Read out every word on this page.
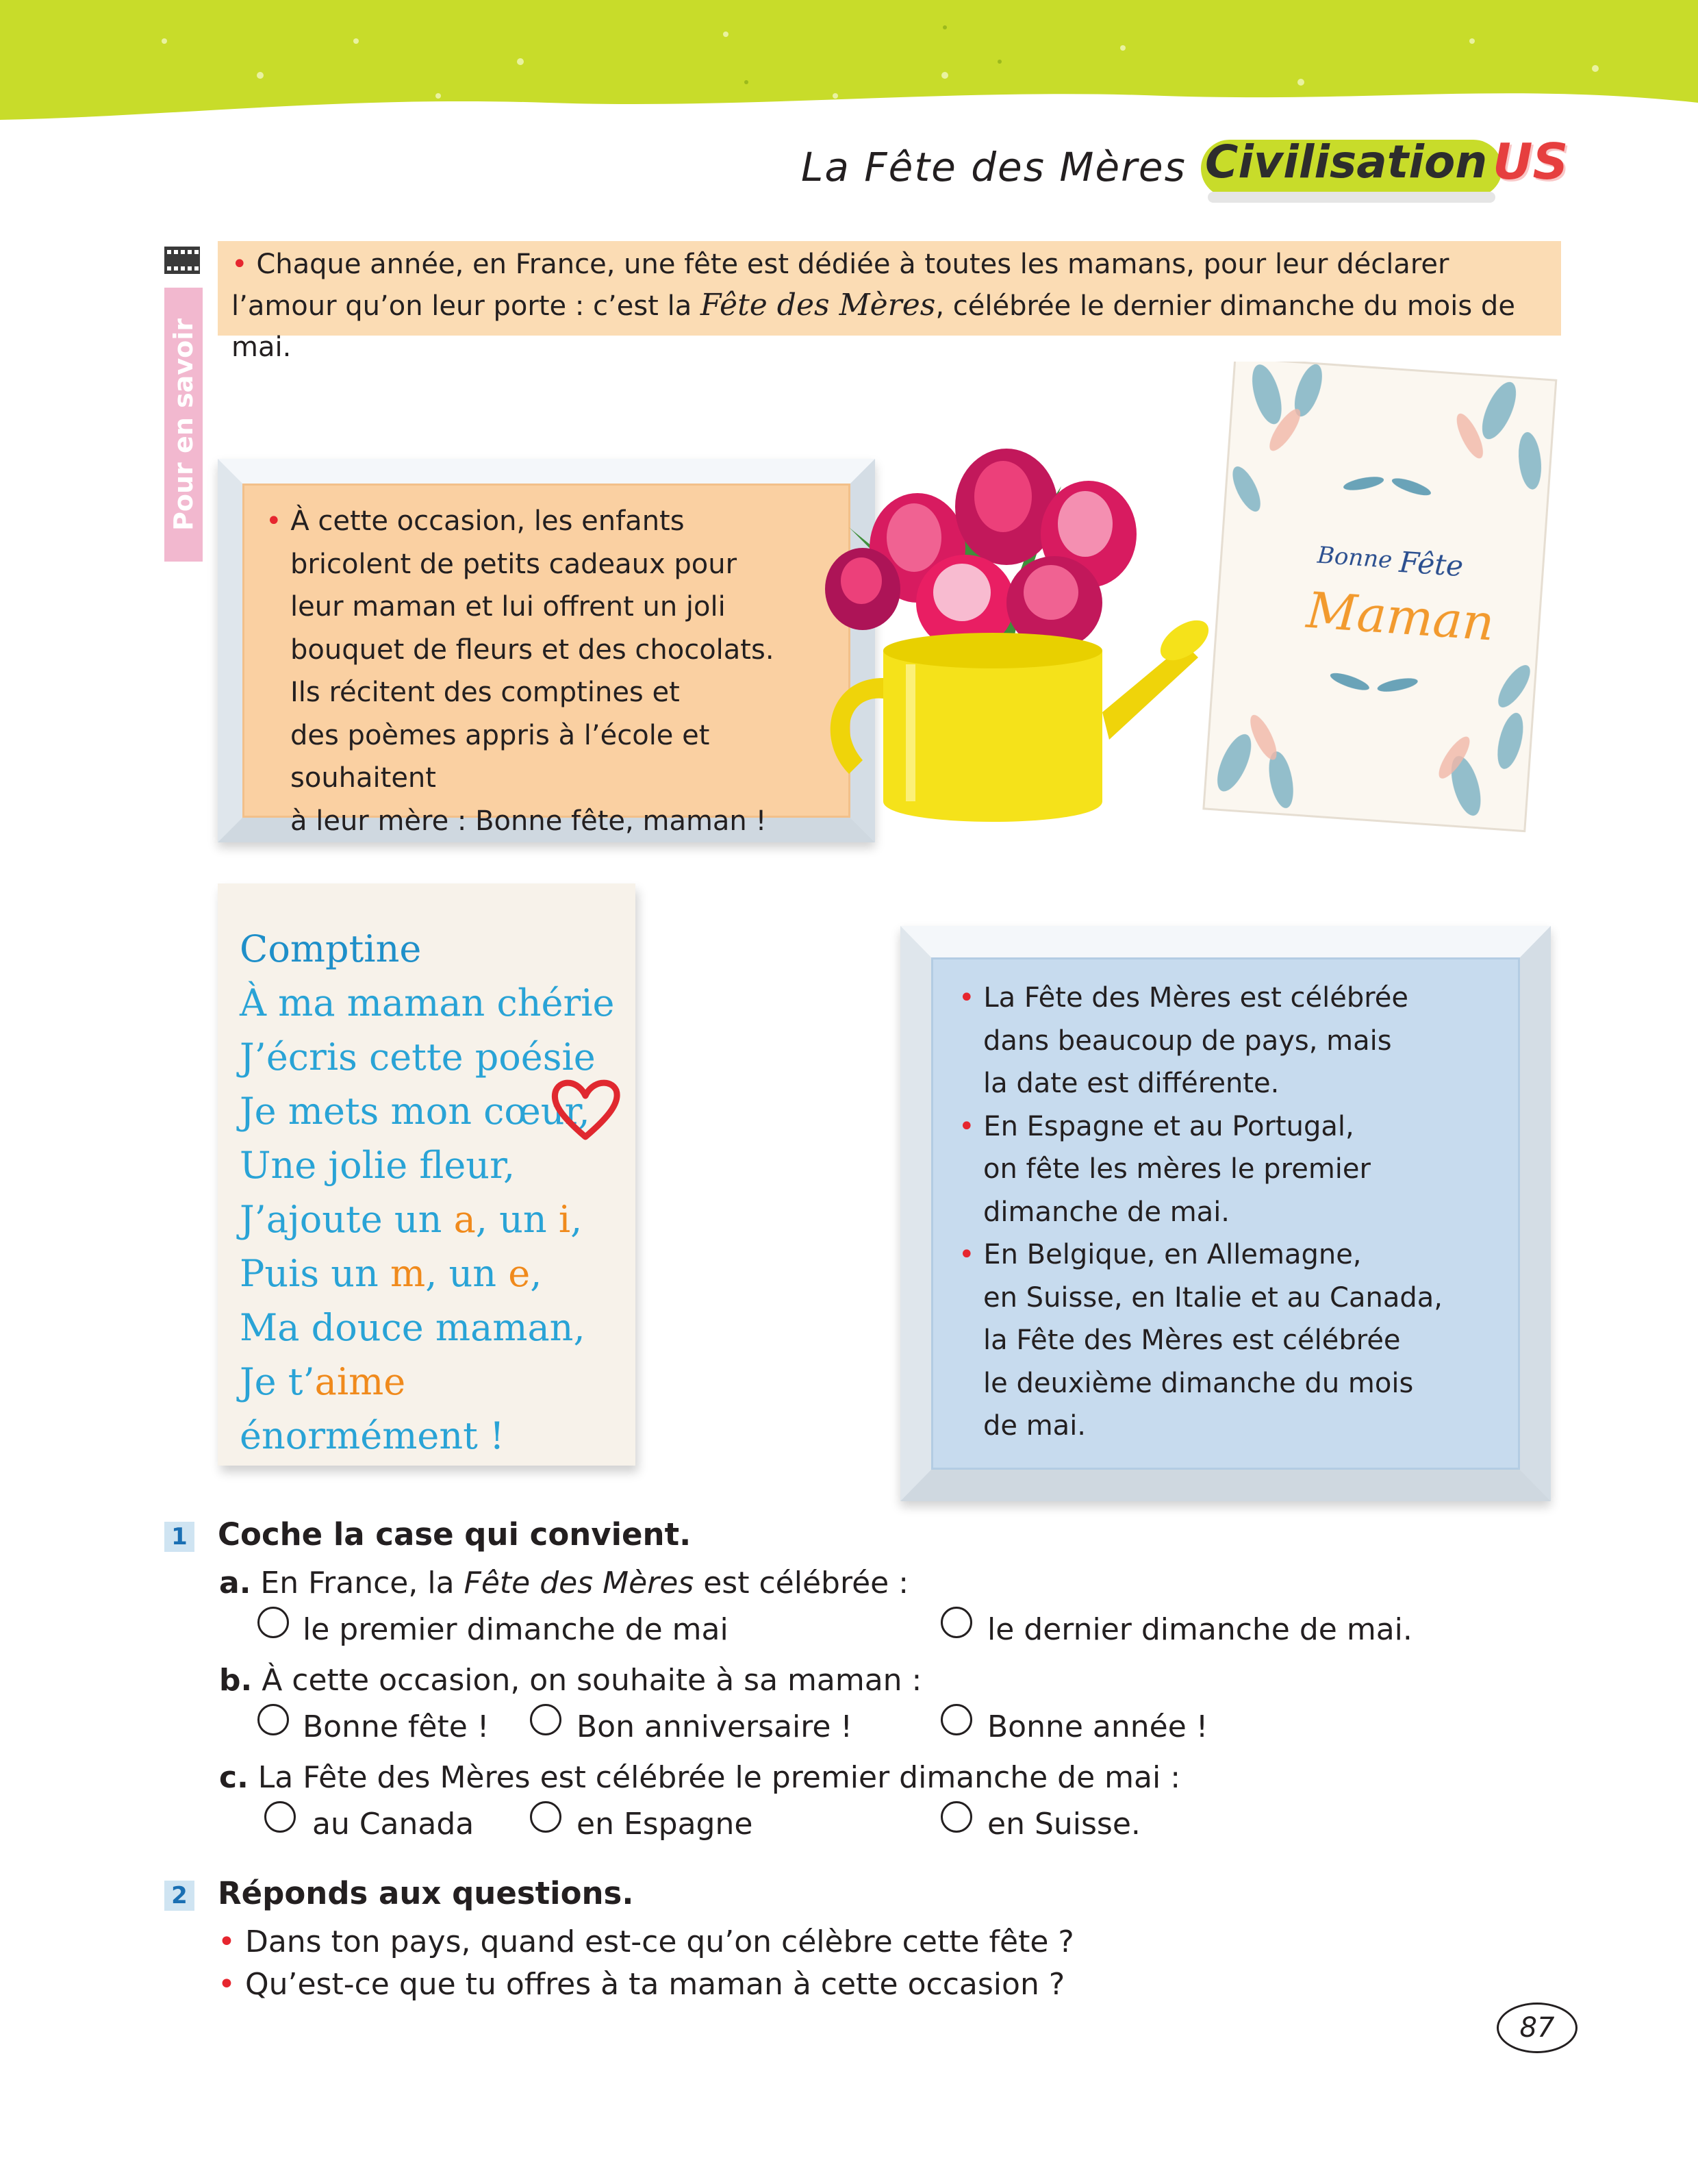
La Fête des Mères Civilisation US
Pour en savoir plus
• Chaque année, en France, une fête est dédiée à toutes les mamans, pour leur déclarer l’amour qu’on leur porte : c’est la Fête des Mères, célébrée le dernier dimanche du mois de mai.
• À cette occasion, les enfants
bricolent de petits cadeaux pour
leur maman et lui offrent un joli
bouquet de fleurs et des chocolats.
Ils récitent des comptines et
des poèmes appris à l’école et souhaitent
à leur mère : Bonne fête, maman !
Bonne Fête
Maman
Comptine
À ma maman chérie
J’écris cette poésie
Je mets mon cœur,
Une jolie fleur,
J’ajoute un a, un i,
Puis un m, un e,
Ma douce maman,
Je t’aime énormément !
• La Fête des Mères est célébrée
dans beaucoup de pays, mais
la date est différente.
• En Espagne et au Portugal,
on fête les mères le premier
dimanche de mai.
• En Belgique, en Allemagne,
en Suisse, en Italie et au Canada,
la Fête des Mères est célébrée
le deuxième dimanche du mois
de mai.
1 Coche la case qui convient.
a. En France, la Fête des Mères est célébrée :
le premier dimanche de mai	le dernier dimanche de mai.
b. À cette occasion, on souhaite à sa maman :
Bonne fête !	Bon anniversaire !	Bonne année !
c. La Fête des Mères est célébrée le premier dimanche de mai :
au Canada	en Espagne	en Suisse.
2 Réponds aux questions.
• Dans ton pays, quand est-ce qu’on célèbre cette fête ?
• Qu’est-ce que tu offres à ta maman à cette occasion ?
87
